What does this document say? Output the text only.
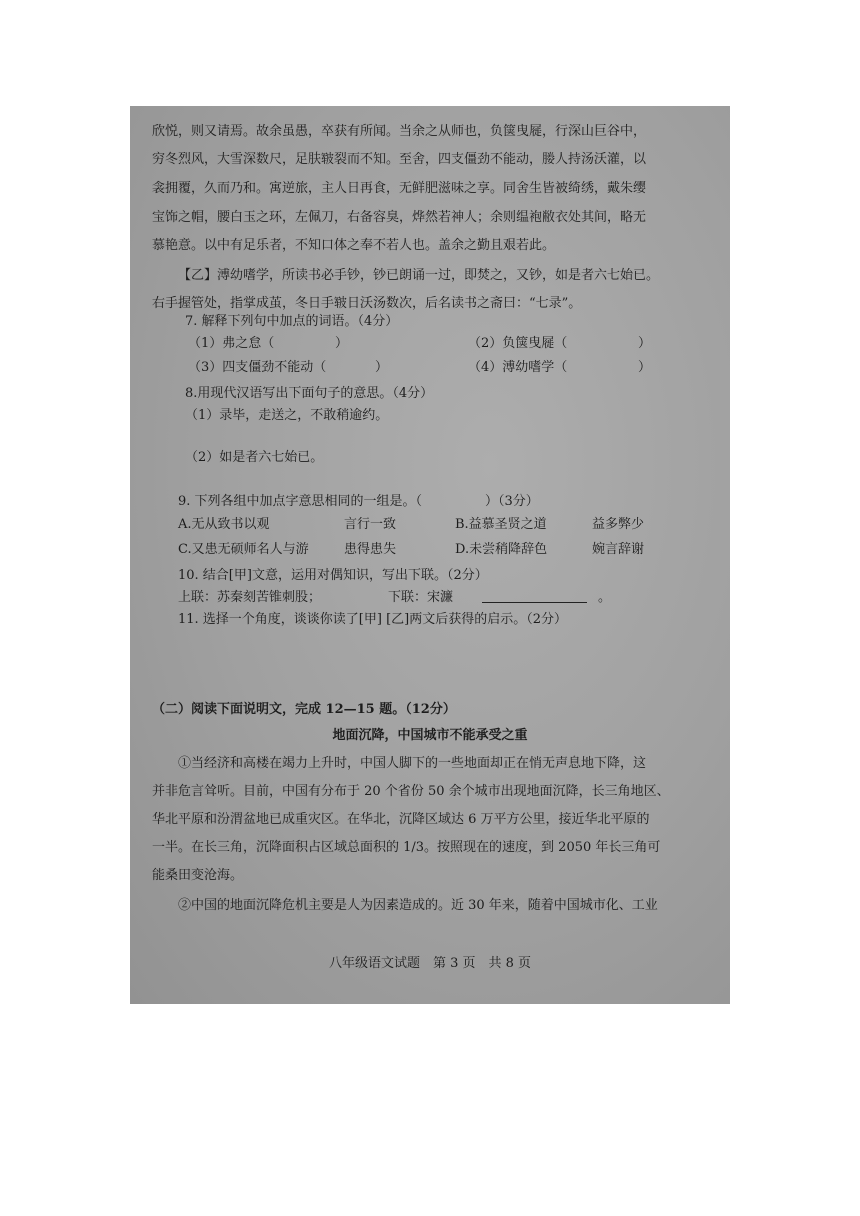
欣悦，则又请焉。故余虽愚，卒获有所闻。当余之从师也，负箧曳屣，行深山巨谷中，
穷冬烈风，大雪深数尺，足肤皲裂而不知。至舍，四支僵劲不能动，媵人持汤沃灌，以
衾拥覆，久而乃和。寓逆旅，主人日再食，无鲜肥滋味之享。同舍生皆被绮绣，戴朱缨
宝饰之帽，腰白玉之环，左佩刀，右备容臭，烨然若神人；余则缊袍敝衣处其间，略无
慕艳意。以中有足乐者，不知口体之奉不若人也。盖余之勤且艰若此。
【乙】溥幼嗜学，所读书必手钞，钞已朗诵一过，即焚之，又钞，如是者六七始已。
右手握管处，指掌成茧，冬日手皲日沃汤数次，后名读书之斋曰：“七录”。
7. 解释下列句中加点的词语。（4分）
（1）弗之怠（	）	（2）负箧曳屣（	）
（3）四支僵劲不能动（	）	（4）溥幼嗜学（	）
8.用现代汉语写出下面句子的意思。（4分）
（1）录毕，走送之，不敢稍逾约。
（2）如是者六七始已。
9. 下列各组中加点字意思相同的一组是。（	）（3分）
A.无从致书以观	言行一致	B.益慕圣贤之道	益多弊少
C.又患无硕师名人与游	患得患失	D.未尝稍降辞色	婉言辞谢
10. 结合[甲]文意，运用对偶知识，写出下联。（2分）
上联：苏秦刻苦锥刺股；	下联：宋濂	。
11. 选择一个角度，谈谈你读了[甲] [乙]两文后获得的启示。（2分）
（二）阅读下面说明文，完成 12—15 题。（12分）
地面沉降，中国城市不能承受之重
①当经济和高楼在竭力上升时，中国人脚下的一些地面却正在悄无声息地下降，这
并非危言耸听。目前，中国有分布于 20 个省份 50 余个城市出现地面沉降，长三角地区、
华北平原和汾渭盆地已成重灾区。在华北，沉降区域达 6 万平方公里，接近华北平原的
一半。在长三角，沉降面积占区域总面积的 1/3。按照现在的速度，到 2050 年长三角可
能桑田变沧海。
②中国的地面沉降危机主要是人为因素造成的。近 30 年来，随着中国城市化、工业
八年级语文试题　第 3 页　共 8 页
